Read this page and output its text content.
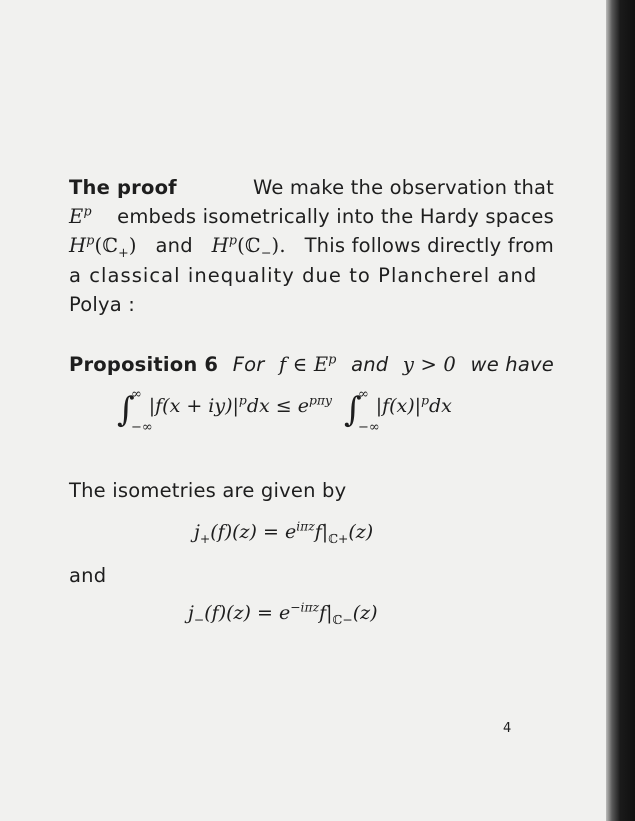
The proof	We make the observation that
$E^p$ embeds isometrically into the Hardy spaces
$H^p(ℂ_+)$ and $H^p(ℂ_-)$. This follows directly from
a classical inequality due to Plancherel and
Polya :
Proposition 6 For f ∈ $E^p$ and y > 0 we have
∫
∞
−∞
$|f(x + iy)|^pdx \le e^{p\pi y}$ ∫
∞
−∞
$|f(x)|^pdx$
The isometries are given by
$j_+(f)(z) = e^{i\pi z}f|_{ℂ+}(z)$
and
$j_-(f)(z) = e^{-i\pi z}f|_{ℂ-}(z)$
4
